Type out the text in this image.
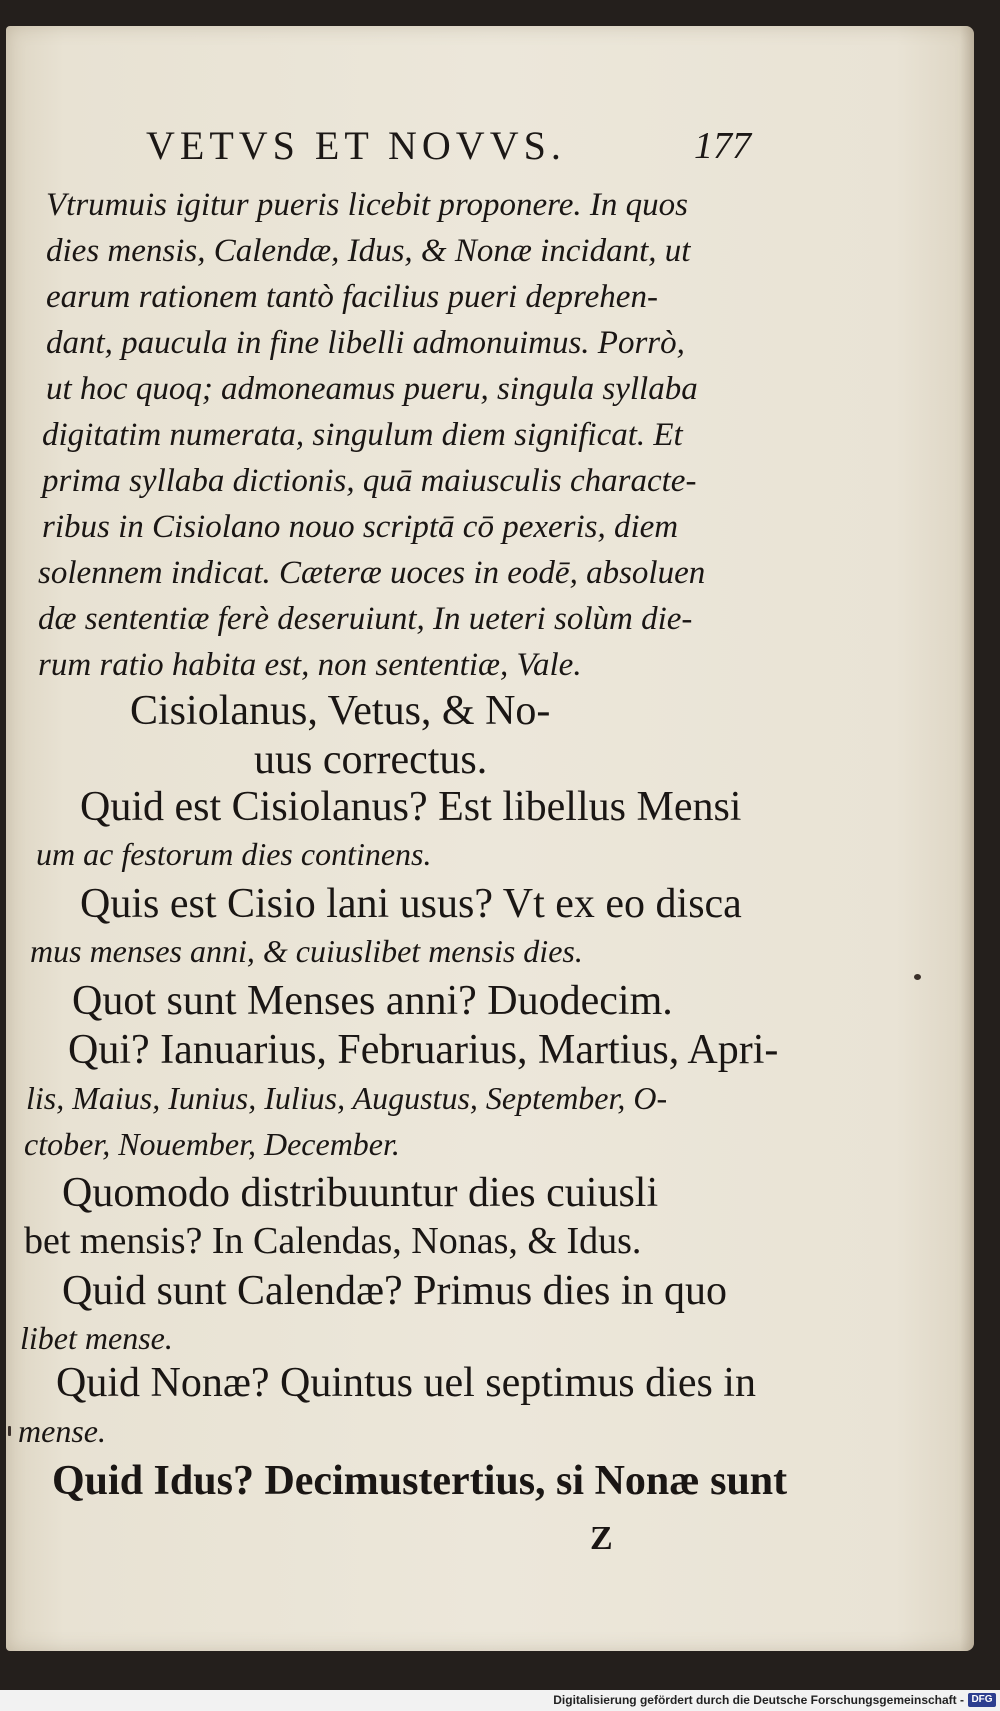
VETVS ET NOVVS.	177
Vtrumuis igitur pueris licebit proponere. In quos
dies mensis, Calendæ, Idus, & Nonæ incidant, ut
earum rationem tantò facilius pueri deprehen-
dant, paucula in fine libelli admonuimus. Porrò,
ut hoc quoq; admoneamus pueru, singula syllaba
digitatim numerata, singulum diem significat. Et
prima syllaba dictionis, quā maiusculis characte-
ribus in Cisiolano nouo scriptā cō pexeris, diem
solennem indicat. Cæteræ uoces in eodē, absoluen
dæ sententiæ ferè deseruiunt, In ueteri solùm die-
rum ratio habita est, non sententiæ, Vale.
Cisiolanus, Vetus, & No-
uus correctus.
Quid est Cisiolanus? Est libellus Mensi
um ac festorum dies continens.
Quis est Cisio lani usus? Vt ex eo disca
mus menses anni, & cuiuslibet mensis dies.
Quot sunt Menses anni? Duodecim.
Qui? Ianuarius, Februarius, Martius, Apri-
lis, Maius, Iunius, Iulius, Augustus, September, O-
ctober, Nouember, December.
Quomodo distribuuntur dies cuiusli
bet mensis? In Calendas, Nonas, & Idus.
Quid sunt Calendæ? Primus dies in quo
libet mense.
Quid Nonæ? Quintus uel septimus dies in
mense.
Quid Idus? Decimustertius, si Nonæ sunt
Z
Digitalisierung gefördert durch die Deutsche Forschungsgemeinschaft - DFG
